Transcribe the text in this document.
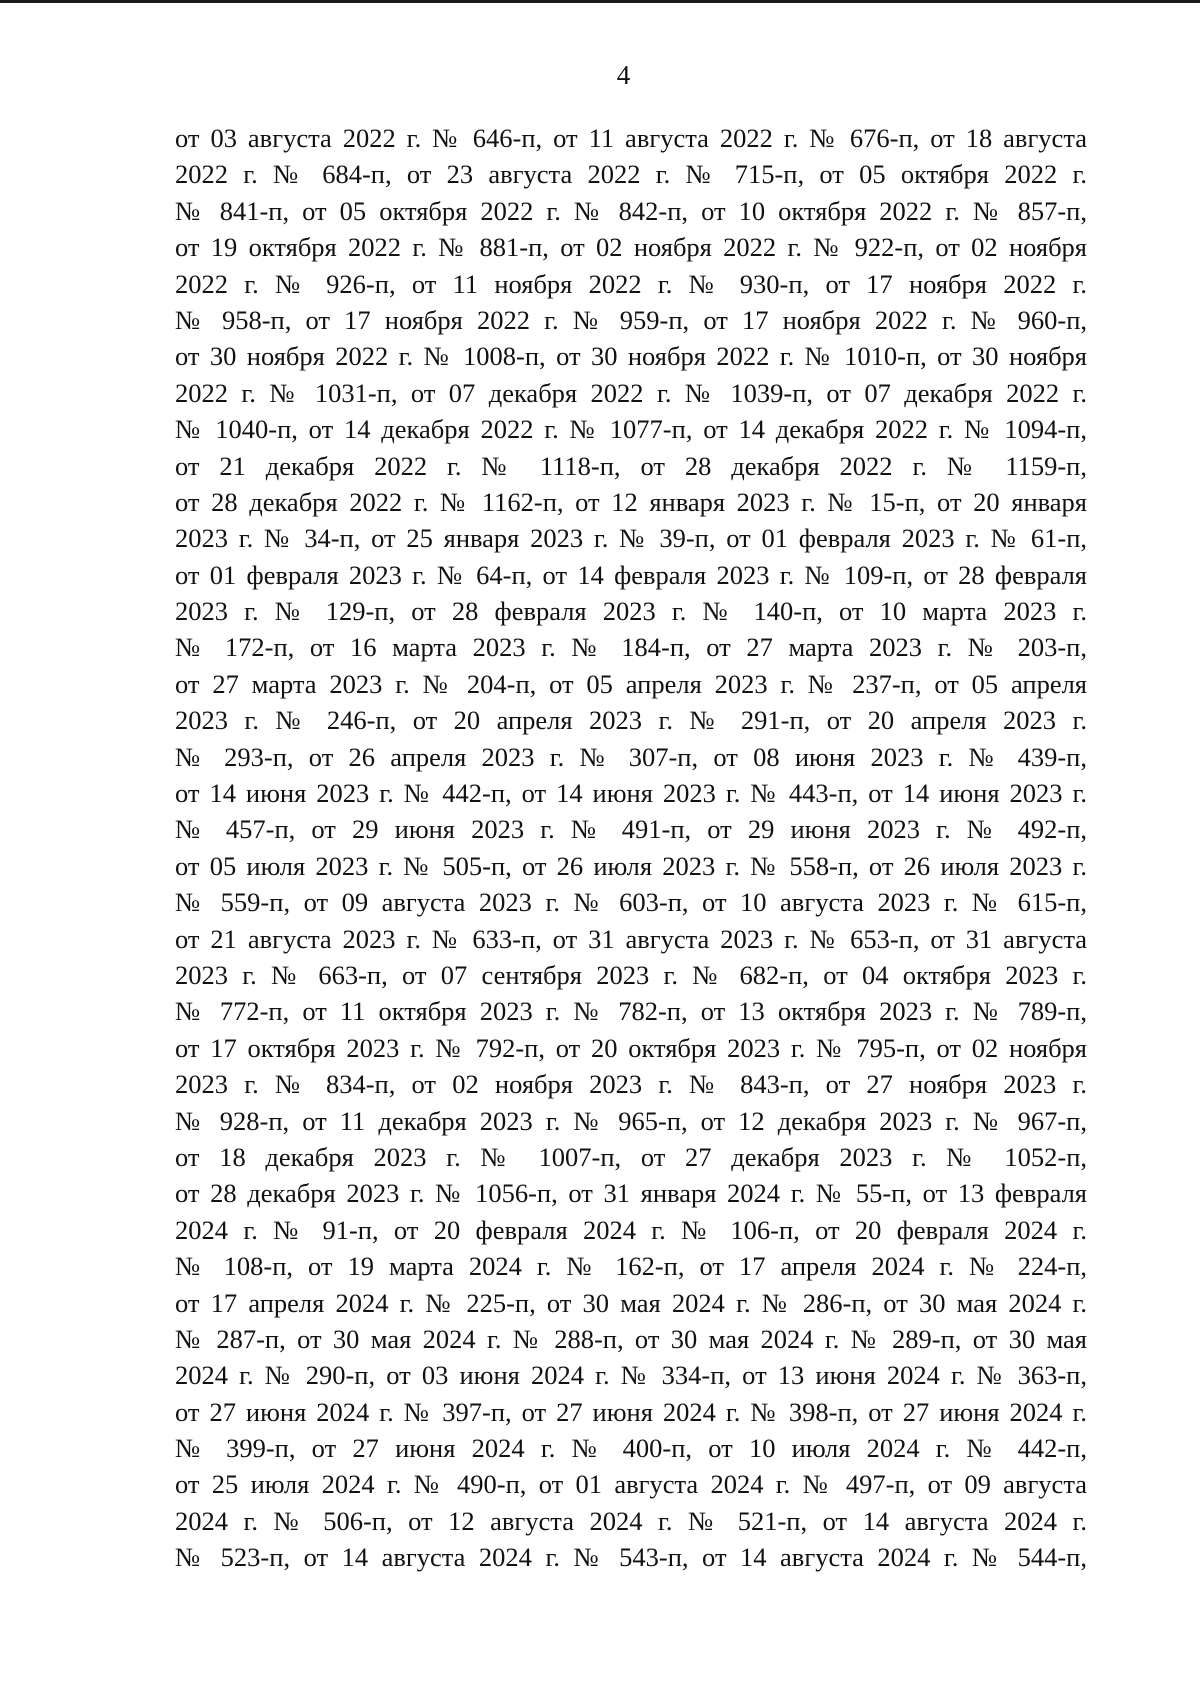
4
от 03 августа 2022 г. № 646-п, от 11 августа 2022 г. № 676-п, от 18 августа
2022 г. № 684-п, от 23 августа 2022 г. № 715-п, от 05 октября 2022 г.
№ 841-п, от 05 октября 2022 г. № 842-п, от 10 октября 2022 г. № 857-п,
от 19 октября 2022 г. № 881-п, от 02 ноября 2022 г. № 922-п, от 02 ноября
2022 г. № 926-п, от 11 ноября 2022 г. № 930-п, от 17 ноября 2022 г.
№ 958-п, от 17 ноября 2022 г. № 959-п, от 17 ноября 2022 г. № 960-п,
от 30 ноября 2022 г. № 1008-п, от 30 ноября 2022 г. № 1010-п, от 30 ноября
2022 г. № 1031-п, от 07 декабря 2022 г. № 1039-п, от 07 декабря 2022 г.
№ 1040-п, от 14 декабря 2022 г. № 1077-п, от 14 декабря 2022 г. № 1094-п,
от 21 декабря 2022 г. № 1118-п, от 28 декабря 2022 г. № 1159-п,
от 28 декабря 2022 г. № 1162-п, от 12 января 2023 г. № 15-п, от 20 января
2023 г. № 34-п, от 25 января 2023 г. № 39-п, от 01 февраля 2023 г. № 61-п,
от 01 февраля 2023 г. № 64-п, от 14 февраля 2023 г. № 109-п, от 28 февраля
2023 г. № 129-п, от 28 февраля 2023 г. № 140-п, от 10 марта 2023 г.
№ 172-п, от 16 марта 2023 г. № 184-п, от 27 марта 2023 г. № 203-п,
от 27 марта 2023 г. № 204-п, от 05 апреля 2023 г. № 237-п, от 05 апреля
2023 г. № 246-п, от 20 апреля 2023 г. № 291-п, от 20 апреля 2023 г.
№ 293-п, от 26 апреля 2023 г. № 307-п, от 08 июня 2023 г. № 439-п,
от 14 июня 2023 г. № 442-п, от 14 июня 2023 г. № 443-п, от 14 июня 2023 г.
№ 457-п, от 29 июня 2023 г. № 491-п, от 29 июня 2023 г. № 492-п,
от 05 июля 2023 г. № 505-п, от 26 июля 2023 г. № 558-п, от 26 июля 2023 г.
№ 559-п, от 09 августа 2023 г. № 603-п, от 10 августа 2023 г. № 615-п,
от 21 августа 2023 г. № 633-п, от 31 августа 2023 г. № 653-п, от 31 августа
2023 г. № 663-п, от 07 сентября 2023 г. № 682-п, от 04 октября 2023 г.
№ 772-п, от 11 октября 2023 г. № 782-п, от 13 октября 2023 г. № 789-п,
от 17 октября 2023 г. № 792-п, от 20 октября 2023 г. № 795-п, от 02 ноября
2023 г. № 834-п, от 02 ноября 2023 г. № 843-п, от 27 ноября 2023 г.
№ 928-п, от 11 декабря 2023 г. № 965-п, от 12 декабря 2023 г. № 967-п,
от 18 декабря 2023 г. № 1007-п, от 27 декабря 2023 г. № 1052-п,
от 28 декабря 2023 г. № 1056-п, от 31 января 2024 г. № 55-п, от 13 февраля
2024 г. № 91-п, от 20 февраля 2024 г. № 106-п, от 20 февраля 2024 г.
№ 108-п, от 19 марта 2024 г. № 162-п, от 17 апреля 2024 г. № 224-п,
от 17 апреля 2024 г. № 225-п, от 30 мая 2024 г. № 286-п, от 30 мая 2024 г.
№ 287-п, от 30 мая 2024 г. № 288-п, от 30 мая 2024 г. № 289-п, от 30 мая
2024 г. № 290-п, от 03 июня 2024 г. № 334-п, от 13 июня 2024 г. № 363-п,
от 27 июня 2024 г. № 397-п, от 27 июня 2024 г. № 398-п, от 27 июня 2024 г.
№ 399-п, от 27 июня 2024 г. № 400-п, от 10 июля 2024 г. № 442-п,
от 25 июля 2024 г. № 490-п, от 01 августа 2024 г. № 497-п, от 09 августа
2024 г. № 506-п, от 12 августа 2024 г. № 521-п, от 14 августа 2024 г.
№ 523-п, от 14 августа 2024 г. № 543-п, от 14 августа 2024 г. № 544-п,
